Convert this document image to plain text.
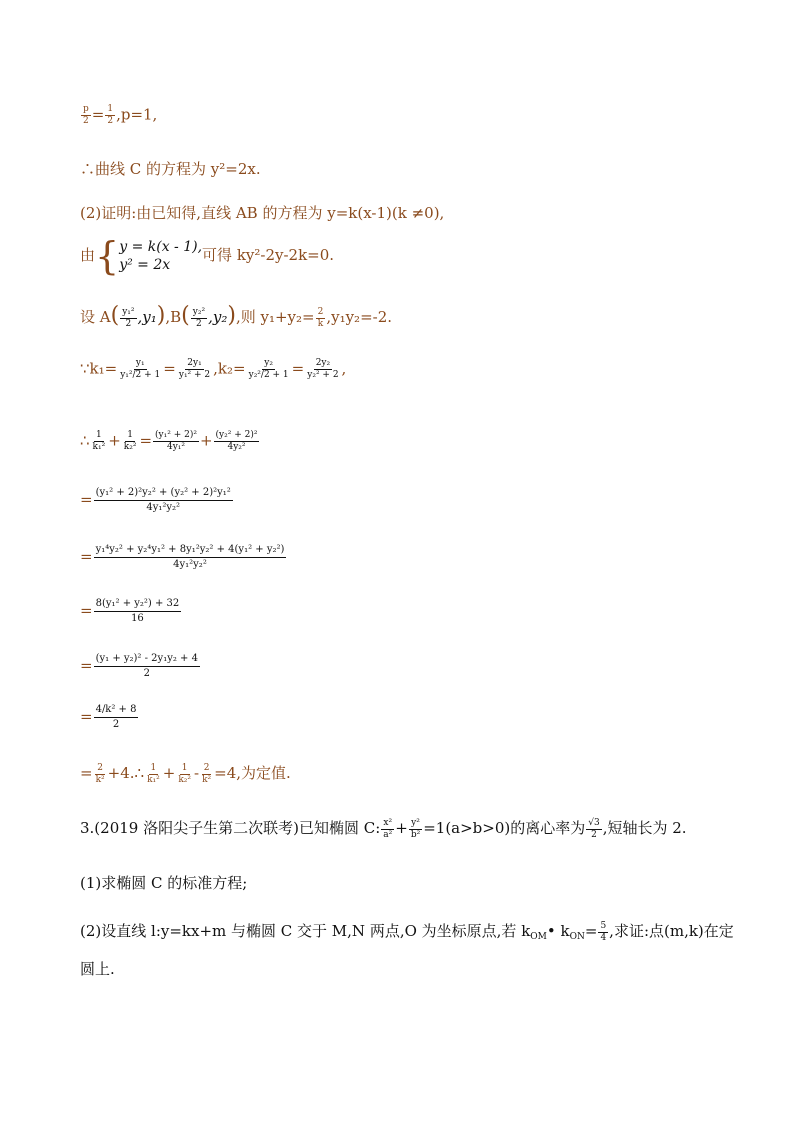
$\frac{p}{2} = \frac{1}{2} ,p=1$,
∴曲线 C 的方程为 y²=2x.
(2)证明:由已知得,直线 AB 的方程为 y=k(x-1)(k ≠0),
由{ y = k(x - 1),
y² = 2x
可得 ky²-2y-2k=0.
设 $A( \frac{\text{y₁²}}{2} ,y_1),B( \frac{\text{y₂²}}{2} ,y_2)$,则 $y_1+y_2= \frac{2}{k} ,y_1y_2=-2$.
∵k₁= $\frac{\text{y₁}}{\text{y₁²/2 + 1}} = \frac{\text{2y₁}}{\text{y₁² + 2}} ,k_2= \frac{\text{y₂}}{\text{y₂²/2 + 1}} = \frac{\text{2y₂}}{\text{y₂² + 2}}$ ,
∴ $\frac{1}{\text{k₁²}} + \frac{1}{\text{k₂²}} = \frac{\text{(y₁² + 2)²}}{\text{4y₁²}} + \frac{\text{(y₂² + 2)²}}{\text{4y₂²}}$
= $\frac{\text{(y₁² + 2)²y₂² + (y₂² + 2)²y₁²}}{\text{4y₁²y₂²}}$
= $\frac{\text{y₁⁴y₂² + y₂⁴y₁² + 8y₁²y₂² + 4(y₁² + y₂²)}}{\text{4y₁²y₂²}}$
= $\frac{\text{8(y₁² + y₂²) + 32}}{16}$
= $\frac{\text{(y₁ + y₂)² - 2y₁y₂ + 4}}{2}$
= $\frac{\text{4/k² + 8}}{2}$
= $\frac{2}{\text{k²}}$ +4.∴ $\frac{1}{\text{k₁²}} + \frac{1}{\text{k₂²}} - \frac{2}{\text{k²}} =4$,为定值.
3.(2019 洛阳尖子生第二次联考)已知椭圆 C: $\frac{\text{x²}}{\text{a²}} + \frac{\text{y²}}{\text{b²}} =1(a>b>0)$的离心率为 $\frac{√3}{2}$ ,短轴长为 2.
(1)求椭圆 C 的标准方程;
(2)设直线 l:y=kx+m 与椭圆 C 交于 M,N 两点,O 为坐标原点,若 $k_{OM}•$ $k_{ON}= \frac{5}{4}$ ,求证:点(m,k)在定
圆上.
